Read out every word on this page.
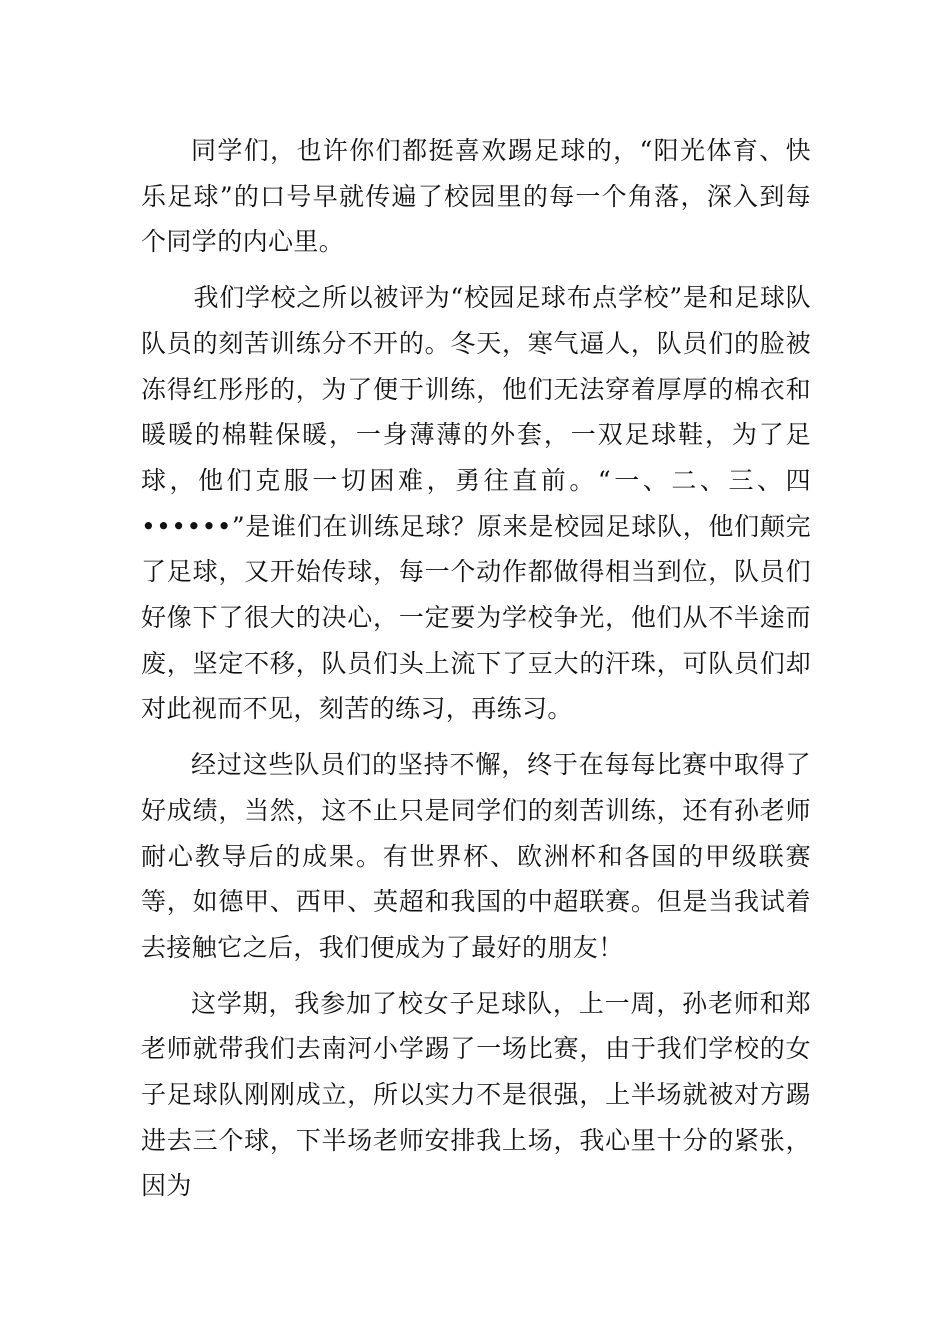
同学们，也许你们都挺喜欢踢足球的，“阳光体育、快乐足球”的口号早就传遍了校园里的每一个角落，深入到每个同学的内心里。

我们学校之所以被评为“校园足球布点学校”是和足球队队员的刻苦训练分不开的。冬天，寒气逼人，队员们的脸被冻得红彤彤的，为了便于训练，他们无法穿着厚厚的棉衣和暖暖的棉鞋保暖，一身薄薄的外套，一双足球鞋，为了足球，他们克服一切困难，勇往直前。“一、二、三、四••••••”是谁们在训练足球？原来是校园足球队，他们颠完了足球，又开始传球，每一个动作都做得相当到位，队员们好像下了很大的决心，一定要为学校争光，他们从不半途而废，坚定不移，队员们头上流下了豆大的汗珠，可队员们却对此视而不见，刻苦的练习，再练习。

经过这些队员们的坚持不懈，终于在每每比赛中取得了好成绩，当然，这不止只是同学们的刻苦训练，还有孙老师耐心教导后的成果。有世界杯、欧洲杯和各国的甲级联赛等，如德甲、西甲、英超和我国的中超联赛。但是当我试着去接触它之后，我们便成为了最好的朋友！

这学期，我参加了校女子足球队，上一周，孙老师和郑老师就带我们去南河小学踢了一场比赛，由于我们学校的女子足球队刚刚成立，所以实力不是很强，上半场就被对方踢进去三个球，下半场老师安排我上场，我心里十分的紧张，因为
